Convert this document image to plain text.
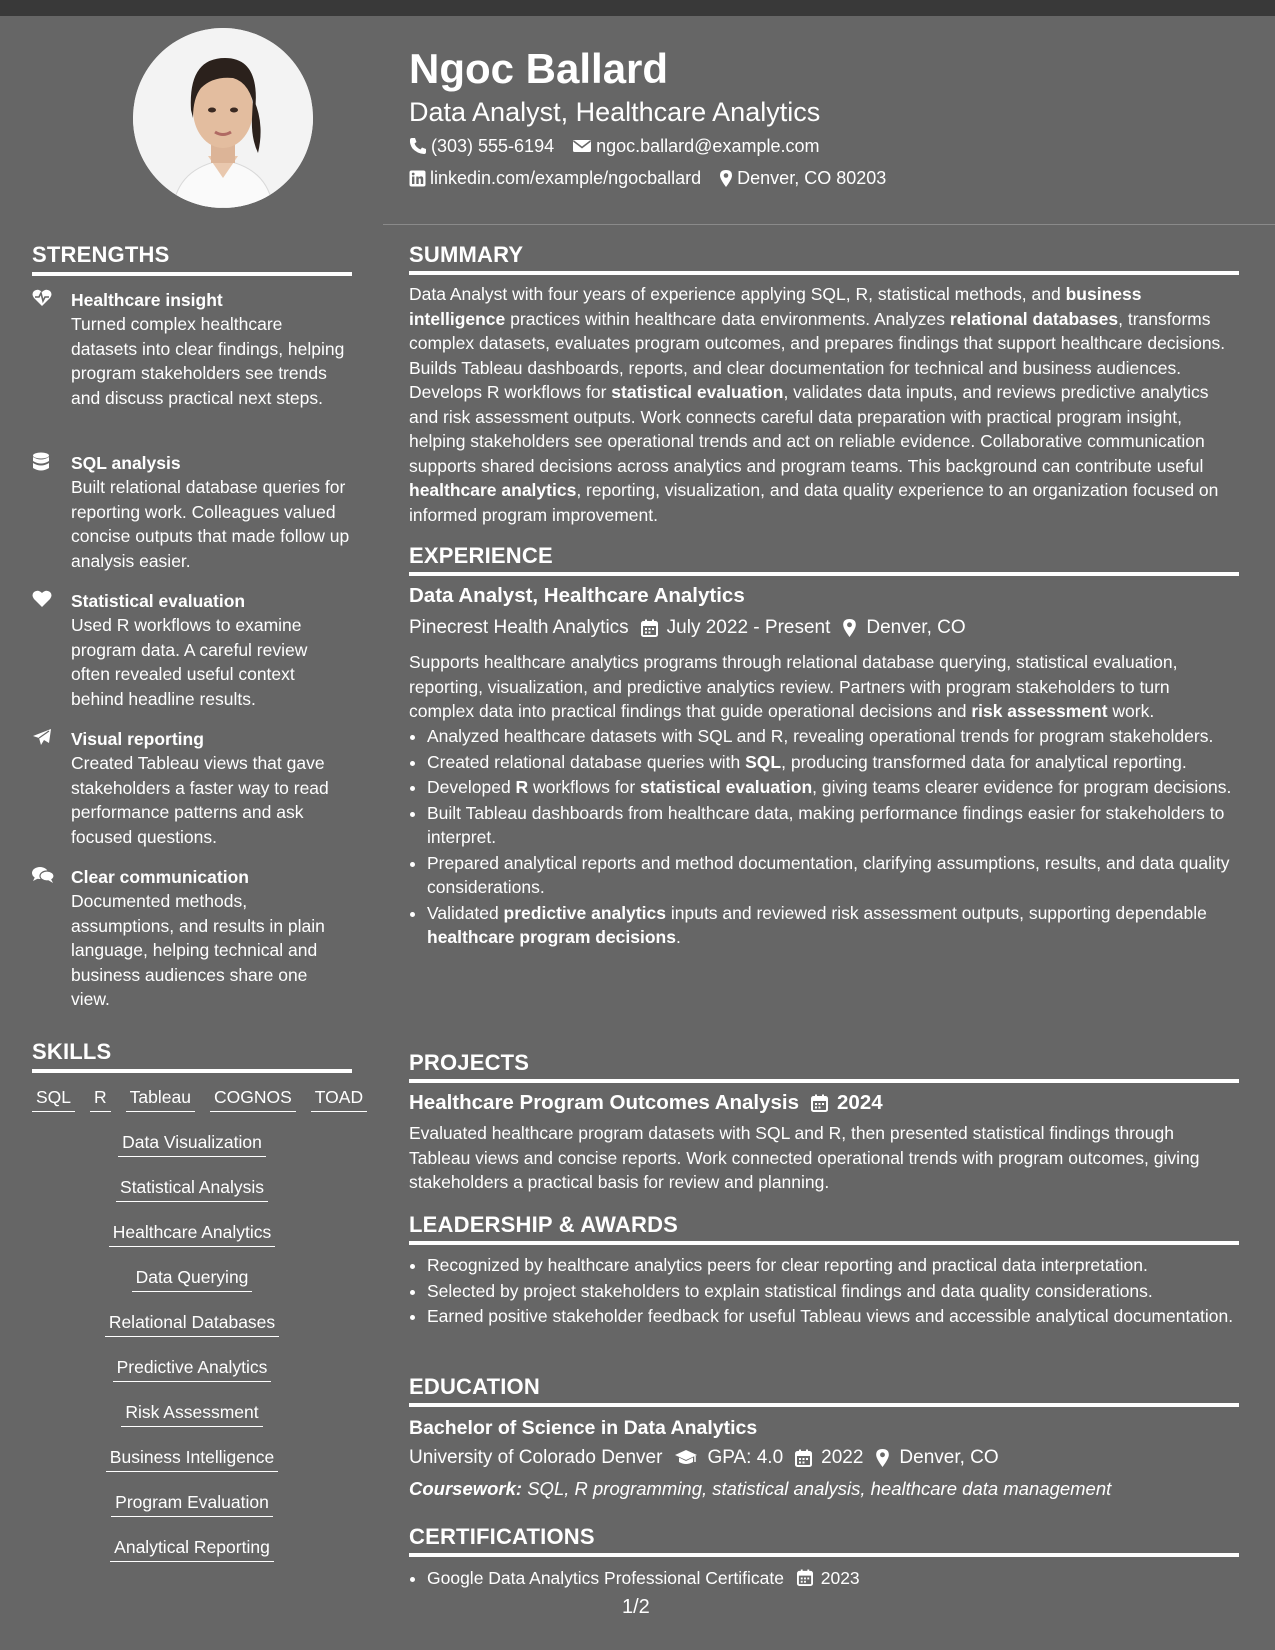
STRENGTHS
Healthcare insight
Turned complex healthcare datasets into clear findings, helping program stakeholders see trends and discuss practical next steps.
SQL analysis
Built relational database queries for reporting work. Colleagues valued concise outputs that made follow up analysis easier.
Statistical evaluation
Used R workflows to examine program data. A careful review often revealed useful context behind headline results.
Visual reporting
Created Tableau views that gave stakeholders a faster way to read performance patterns and ask focused questions.
Clear communication
Documented methods, assumptions, and results in plain language, helping technical and business audiences share one view.
SKILLS
SQL R Tableau COGNOS TOAD
Data Visualization
Statistical Analysis
Healthcare Analytics
Data Querying
Relational Databases
Predictive Analytics
Risk Assessment
Business Intelligence
Program Evaluation
Analytical Reporting
Ngoc Ballard
Data Analyst, Healthcare Analytics
(303) 555-6194 ngoc.ballard@example.com
linkedin.com/example/ngocballard Denver, CO 80203
SUMMARY
Data Analyst with four years of experience applying SQL, R, statistical methods, and business intelligence practices within healthcare data environments. Analyzes relational databases, transforms complex datasets, evaluates program outcomes, and prepares findings that support healthcare decisions. Builds Tableau dashboards, reports, and clear documentation for technical and business audiences. Develops R workflows for statistical evaluation, validates data inputs, and reviews predictive analytics and risk assessment outputs. Work connects careful data preparation with practical program insight, helping stakeholders see operational trends and act on reliable evidence. Collaborative communication supports shared decisions across analytics and program teams. This background can contribute useful healthcare analytics, reporting, visualization, and data quality experience to an organization focused on informed program improvement.
EXPERIENCE
Data Analyst, Healthcare Analytics
Pinecrest Health Analytics July 2022 - Present Denver, CO
Supports healthcare analytics programs through relational database querying, statistical evaluation, reporting, visualization, and predictive analytics review. Partners with program stakeholders to turn complex data into practical findings that guide operational decisions and risk assessment work.
• Analyzed healthcare datasets with SQL and R, revealing operational trends for program stakeholders.
• Created relational database queries with SQL, producing transformed data for analytical reporting.
• Developed R workflows for statistical evaluation, giving teams clearer evidence for program decisions.
• Built Tableau dashboards from healthcare data, making performance findings easier for stakeholders to interpret.
• Prepared analytical reports and method documentation, clarifying assumptions, results, and data quality considerations.
• Validated predictive analytics inputs and reviewed risk assessment outputs, supporting dependable healthcare program decisions.
PROJECTS
Healthcare Program Outcomes Analysis 2024
Evaluated healthcare program datasets with SQL and R, then presented statistical findings through Tableau views and concise reports. Work connected operational trends with program outcomes, giving stakeholders a practical basis for review and planning.
LEADERSHIP & AWARDS
• Recognized by healthcare analytics peers for clear reporting and practical data interpretation.
• Selected by project stakeholders to explain statistical findings and data quality considerations.
• Earned positive stakeholder feedback for useful Tableau views and accessible analytical documentation.
EDUCATION
Bachelor of Science in Data Analytics
University of Colorado Denver GPA: 4.0 2022 Denver, CO
Coursework: SQL, R programming, statistical analysis, healthcare data management
CERTIFICATIONS
• Google Data Analytics Professional Certificate 2023
1/2
